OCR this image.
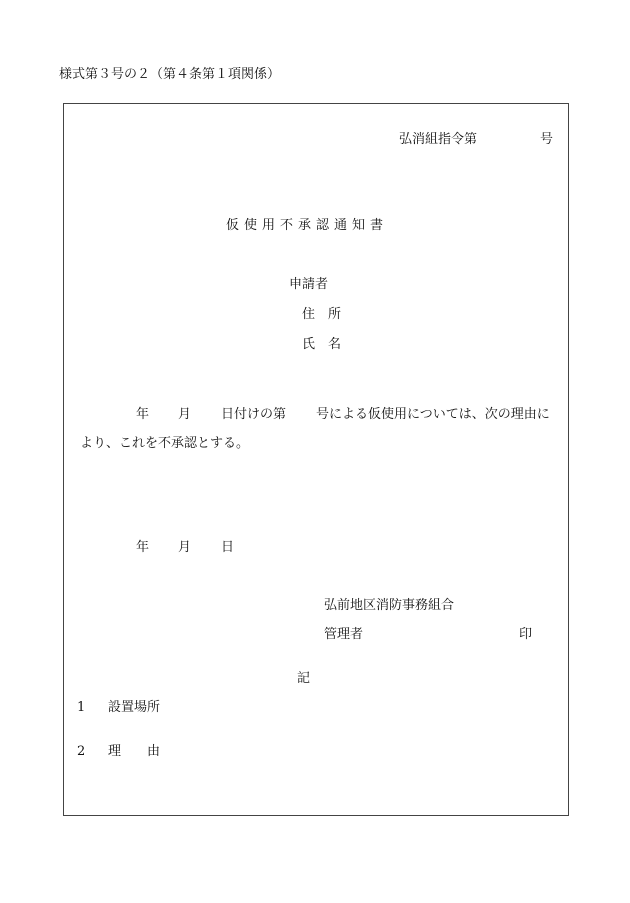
様式第３号の２（第４条第１項関係）
弘消組指令第	号
仮使用不承認通知書
申請者
住　所
氏　名
年 月 日付けの第 号による仮使用については、次の理由に
より、これを不承認とする。
年 月 日
弘前地区消防事務組合
管理者	印
記
1 設置場所
2 理　　由
